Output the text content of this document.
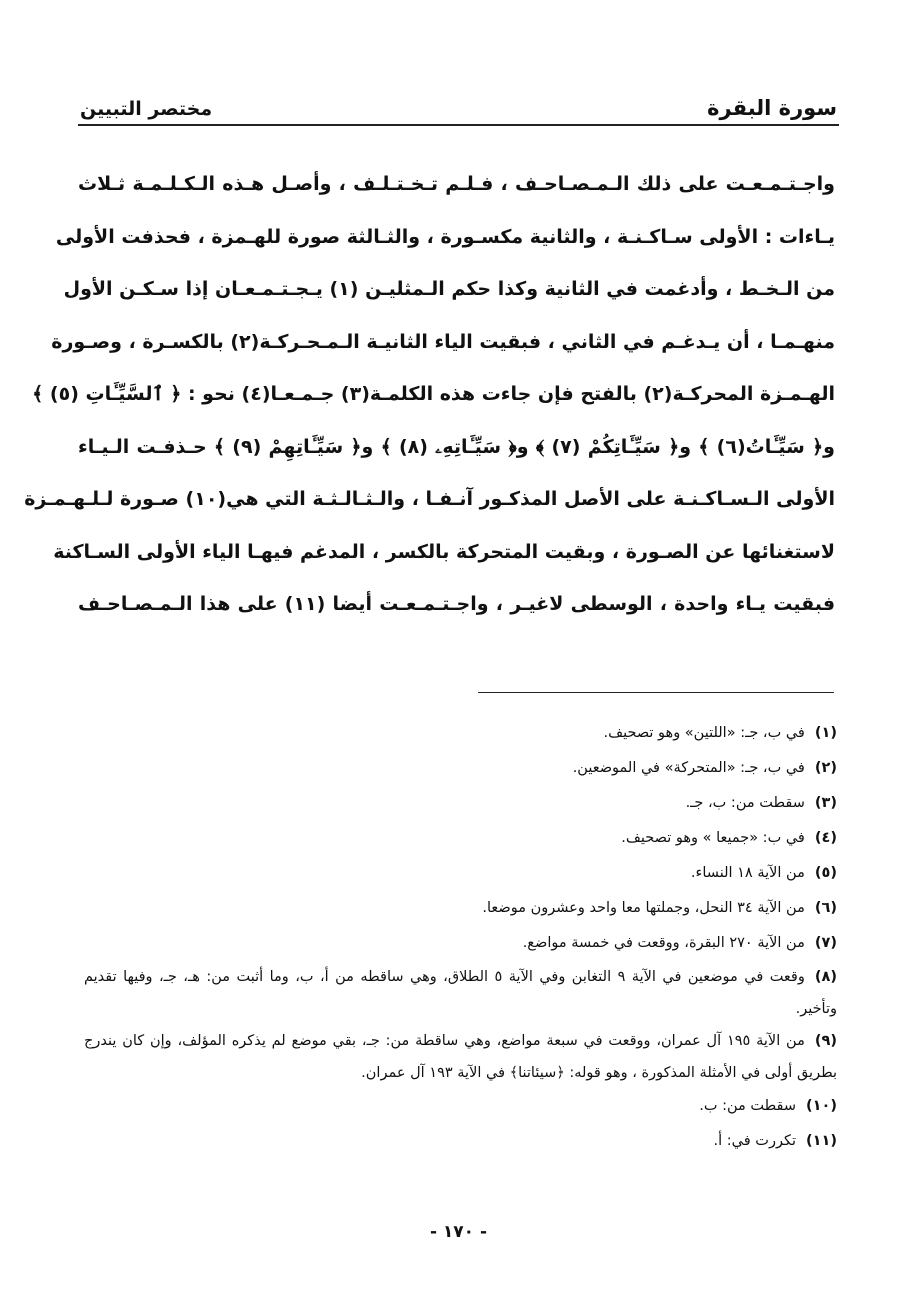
سورة البقرة
مختصر التبيين
واجـتـمـعـت على ذلك الـمـصـاحـف ، فـلـم تـخـتـلـف ، وأصـل هـذه الـكـلـمـة ثـلاث
يـاءات : الأولى سـاكـنـة ، والثانية مكسـورة ، والثـالثة صورة للهـمزة ، فحذفت الأولى
من الـخـط ، وأدغمت في الثانية وكذا حكم الـمثليـن (١) يـجـتـمـعـان إذا سـكـن الأول
منهـمـا ، أن يـدغـم في الثاني ، فبقيت الياء الثانيـة الـمـحـركـة(٢) بالكسـرة ، وصـورة
الهـمـزة المحركـة(٢) بالفتح فإن جاءت هذه الكلمـة(٣) جـمـعـا(٤) نحو : ﴿ ٱلسَّيِّـَٔاتِ (٥) ﴾
و﴿ سَيِّـَٔاتُ(٦) ﴾ و﴿ سَيِّـَٔاتِكُمْ (٧) ﴾ و﴿ سَيِّـَٔاتِهِۦ (٨) ﴾ و﴿ سَيِّـَٔاتِهِمْ (٩) ﴾ حـذفـت الـيـاء
الأولى الـسـاكـنـة على الأصل المذكـور آنـفـا ، والـثـالـثـة التي هي(١٠) صـورة لـلـهـمـزة
لاستغنائها عن الصـورة ، وبقيت المتحركة بالكسر ، المدغم فيهـا الياء الأولى السـاكنة
فبقيت يـاء واحدة ، الوسطى لاغيـر ، واجـتـمـعـت أيضا (١١) على هذا الـمـصـاحـف
(١)في ب، جـ: «اللتين» وهو تصحيف.
(٢)في ب، جـ: «المتحركة» في الموضعين.
(٣)سقطت من: ب، جـ.
(٤)في ب: «جميعا » وهو تصحيف.
(٥)من الآية ١٨ النساء.
(٦)من الآية ٣٤ النحل، وجملتها معا واحد وعشرون موضعا.
(٧)من الآية ٢٧٠ البقرة، ووقعت في خمسة مواضع.
(٨)وقعت في موضعين في الآية ٩ التغابن وفي الآية ٥ الطلاق، وهي ساقطه من أ، ب، وما أثبت من: هـ، جـ، وفيها تقديم وتأخير.
(٩)من الآية ١٩٥ آل عمران، ووقعت في سبعة مواضع، وهي ساقطة من: جـ، بقي موضع لم يذكره المؤلف، وإن كان يندرج بطريق أولى في الأمثلة المذكورة ، وهو قوله: ﴿سيئاتنا﴾ في الآية ١٩٣ آل عمران.
(١٠)سقطت من: ب.
(١١)تكررت في: أ.
- ١٧٠ -
